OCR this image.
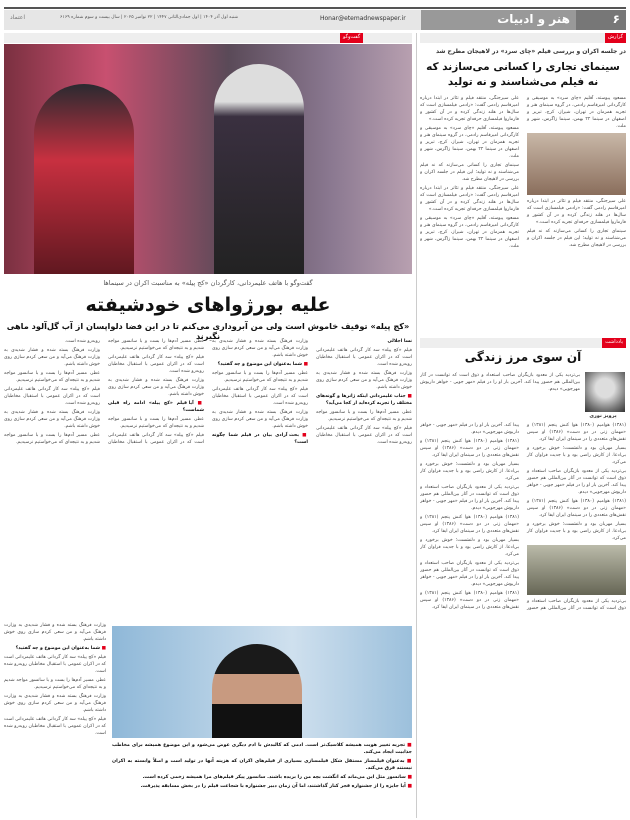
۶
هنر و ادبیات
Honar@etemadnewspaper.ir
شنبه اول آذر ۱۴۰۴ | اول جمادی‌الثانی ۱۴۴۷ | ۲۲ نوامبر ۲۰۲۵ | سال بیست و سوم شماره ۶۱۶۹
اعتماد
گزارش
در جلسه اکران و بررسی فیلم «چای سرد» در لاهیجان مطرح شد
سینمای تجاری را کسانی می‌سازند که نه فیلم می‌شناسند و نه تولید

مسعود پیوسته، آقلیم «چای سرد» به موسیقی و کارگردانی امیرقاسم رادمی، در گروه سینمای هنر و تجربه همزمان در تهران، شیراز، کرج، تبریز و اصفهان در سینما ۲۲ بهمن، سینما زاگرس، شهر و ملت.

علی سیرجنگی، منتقد فیلم و تئاتر در ابتدا درباره امیرقاسم رادمی گفت: «رادمی فیلمسازی است که سال‌ها در هلند زندگی کرده و در آن کشور و فارماروا فیلمسازی حرفه‌ای تجربه کرده است.»

سینمای تجاری را کسانی می‌سازند که نه فیلم می‌شناسند و نه تولید؛ این فیلم در جلسه اکران و بررسی در لاهیجان مطرح شد.

علی سیرجنگی، منتقد فیلم و تئاتر در ابتدا درباره امیرقاسم رادمی گفت: «رادمی فیلمسازی است که سال‌ها در هلند زندگی کرده و در آن کشور و فارماروا فیلمسازی حرفه‌ای تجربه کرده است.»

مسعود پیوسته، آقلیم «چای سرد» به موسیقی و کارگردانی امیرقاسم رادمی، در گروه سینمای هنر و تجربه همزمان در تهران، شیراز، کرج، تبریز و اصفهان در سینما ۲۲ بهمن، سینما زاگرس، شهر و ملت.

سینمای تجاری را کسانی می‌سازند که نه فیلم می‌شناسند و نه تولید؛ این فیلم در جلسه اکران و بررسی در لاهیجان مطرح شد.

علی سیرجنگی، منتقد فیلم و تئاتر در ابتدا درباره امیرقاسم رادمی گفت: «رادمی فیلمسازی است که سال‌ها در هلند زندگی کرده و در آن کشور و فارماروا فیلمسازی حرفه‌ای تجربه کرده است.»

مسعود پیوسته، آقلیم «چای سرد» به موسیقی و کارگردانی امیرقاسم رادمی، در گروه سینمای هنر و تجربه همزمان در تهران، شیراز، کرج، تبریز و اصفهان در سینما ۲۲ بهمن، سینما زاگرس، شهر و ملت.

یادداشت
آن سوی مرز زندگی
پرویز نوری

بی‌تردید یکی از معدود بازیگران صاحب استعداد و ذوق است که توانست در آثار بین‌المللی هم حضور پیدا کند. آخرین بار او را در فیلم «مهر جویی - خواهر داریوش مهرجویی» دیدم.

(۱۳۸۱) هوامیم (۱۳۸۰) هوا کنش پنجم (۱۳۸۱) و «مهمان زنی در دو دست» (۱۳۸۶) او سپس نقش‌های متعددی را در سینمای ایران ایفا کرد.

بسیار مهربان بود و دلنشست؛ خوش برخورد و بی‌ادعا. از کارش راضی بود و با جدیت فراوان کار می‌کرد.

بی‌تردید یکی از معدود بازیگران صاحب استعداد و ذوق است که توانست در آثار بین‌المللی هم حضور پیدا کند. آخرین بار او را در فیلم «مهر جویی - خواهر داریوش مهرجویی» دیدم.

(۱۳۸۱) هوامیم (۱۳۸۰) هوا کنش پنجم (۱۳۸۱) و «مهمان زنی در دو دست» (۱۳۸۶) او سپس نقش‌های متعددی را در سینمای ایران ایفا کرد.

بسیار مهربان بود و دلنشست؛ خوش برخورد و بی‌ادعا. از کارش راضی بود و با جدیت فراوان کار می‌کرد.

بی‌تردید یکی از معدود بازیگران صاحب استعداد و ذوق است که توانست در آثار بین‌المللی هم حضور پیدا کند. آخرین بار او را در فیلم «مهر جویی - خواهر داریوش مهرجویی» دیدم.

(۱۳۸۱) هوامیم (۱۳۸۰) هوا کنش پنجم (۱۳۸۱) و «مهمان زنی در دو دست» (۱۳۸۶) او سپس نقش‌های متعددی را در سینمای ایران ایفا کرد.

بسیار مهربان بود و دلنشست؛ خوش برخورد و بی‌ادعا. از کارش راضی بود و با جدیت فراوان کار می‌کرد.

بی‌تردید یکی از معدود بازیگران صاحب استعداد و ذوق است که توانست در آثار بین‌المللی هم حضور پیدا کند. آخرین بار او را در فیلم «مهر جویی - خواهر داریوش مهرجویی» دیدم.

(۱۳۸۱) هوامیم (۱۳۸۰) هوا کنش پنجم (۱۳۸۱) و «مهمان زنی در دو دست» (۱۳۸۶) او سپس نقش‌های متعددی را در سینمای ایران ایفا کرد.

بسیار مهربان بود و دلنشست؛ خوش برخورد و بی‌ادعا. از کارش راضی بود و با جدیت فراوان کار می‌کرد.

بی‌تردید یکی از معدود بازیگران صاحب استعداد و ذوق است که توانست در آثار بین‌المللی هم حضور پیدا کند. آخرین بار او را در فیلم «مهر جویی - خواهر داریوش مهرجویی» دیدم.

(۱۳۸۱) هوامیم (۱۳۸۰) هوا کنش پنجم (۱۳۸۱) و «مهمان زنی در دو دست» (۱۳۸۶) او سپس نقش‌های متعددی را در سینمای ایران ایفا کرد.

گفت‌وگو
گفت‌وگو با هاتف علیمردانی، کارگردان «کج پیله» به مناسبت اکران در سینماها
علیه بورژواهای خودشیفته
«کج پیله» توقیف خاموش است ولی من آبروداری می‌کنم تا در این فضا دلواپسان از آب گل‌آلود ماهی نگیرند

نسا اجلالی

فیلم «کج پیله» سه کار گردانی هاتف علیمردانی است که در اکران عمومی با استقبال مخاطبان روبه‌رو شده است.

وزارت فرهنگ بسته شده و فشار شدیدی به وزارت فرهنگ می‌آید و من سعی کردم سازی روی خوش داشته باشم.

■ جناب علیمردانی اینکه ژانرها و گونه‌های مختلف را تجربه کرده‌اید از کجا می‌آید؟

عطر، مسیر آدم‌ها را بست و با سانسور مواجه شدیم و به نتیجه‌ای که می‌خواستیم نرسیدیم.

فیلم «کج پیله» سه کار گردانی هاتف علیمردانی است که در اکران عمومی با استقبال مخاطبان روبه‌رو شده است.

وزارت فرهنگ بسته شده و فشار شدیدی به وزارت فرهنگ می‌آید و من سعی کردم سازی روی خوش داشته باشم.

■ شما به‌عنوان این موضوع و چه گفتید؟

عطر، مسیر آدم‌ها را بست و با سانسور مواجه شدیم و به نتیجه‌ای که می‌خواستیم نرسیدیم.

فیلم «کج پیله» سه کار گردانی هاتف علیمردانی است که در اکران عمومی با استقبال مخاطبان روبه‌رو شده است.

وزارت فرهنگ بسته شده و فشار شدیدی به وزارت فرهنگ می‌آید و من سعی کردم سازی روی خوش داشته باشم.

■ بحث آزادی بیان در فیلم شما چگونه است؟

عطر، مسیر آدم‌ها را بست و با سانسور مواجه شدیم و به نتیجه‌ای که می‌خواستیم نرسیدیم.

فیلم «کج پیله» سه کار گردانی هاتف علیمردانی است که در اکران عمومی با استقبال مخاطبان روبه‌رو شده است.

وزارت فرهنگ بسته شده و فشار شدیدی به وزارت فرهنگ می‌آید و من سعی کردم سازی روی خوش داشته باشم.

■ آیا فیلم «کج پیله» ادامه راه قبلی شماست؟

عطر، مسیر آدم‌ها را بست و با سانسور مواجه شدیم و به نتیجه‌ای که می‌خواستیم نرسیدیم.

فیلم «کج پیله» سه کار گردانی هاتف علیمردانی است که در اکران عمومی با استقبال مخاطبان روبه‌رو شده است.

وزارت فرهنگ بسته شده و فشار شدیدی به وزارت فرهنگ می‌آید و من سعی کردم سازی روی خوش داشته باشم.

عطر، مسیر آدم‌ها را بست و با سانسور مواجه شدیم و به نتیجه‌ای که می‌خواستیم نرسیدیم.

فیلم «کج پیله» سه کار گردانی هاتف علیمردانی است که در اکران عمومی با استقبال مخاطبان روبه‌رو شده است.

وزارت فرهنگ بسته شده و فشار شدیدی به وزارت فرهنگ می‌آید و من سعی کردم سازی روی خوش داشته باشم.

عطر، مسیر آدم‌ها را بست و با سانسور مواجه شدیم و به نتیجه‌ای که می‌خواستیم نرسیدیم.

وزارت فرهنگ بسته شده و فشار شدیدی به وزارت فرهنگ می‌آید و من سعی کردم سازی روی خوش داشته باشم.

■ شما به‌عنوان این موضوع و چه گفتید؟

فیلم «کج پیله» سه کار گردانی هاتف علیمردانی است که در اکران عمومی با استقبال مخاطبان روبه‌رو شده است.

عطر، مسیر آدم‌ها را بست و با سانسور مواجه شدیم و به نتیجه‌ای که می‌خواستیم نرسیدیم.

وزارت فرهنگ بسته شده و فشار شدیدی به وزارت فرهنگ می‌آید و من سعی کردم سازی روی خوش داشته باشم.

فیلم «کج پیله» سه کار گردانی هاتف علیمردانی است که در اکران عمومی با استقبال مخاطبان روبه‌رو شده است.

■ تجربه تغییر هویت همیشه کلاسیک‌تر است. آدمی که کالبدش با آدم دیگری عوض می‌شود و این موضوع همیشه برای مخاطب جذابیت ایجاد می‌کند.

■ به‌عنوان فیلمساز مستقل شکل فیلمسازی بسیاری از فیلم‌های اکران که هزینه آنها در تولید است و اصلاً وابسته به اکران نیستند فرق می‌کند.

■ سانسور مثل این می‌ماند که انگشت بچه من را بریده باشند. سانسور پیکر فیلم‌های مرا همیشه زخمی کرده است.

■ آیا جایزه را از جشنواره فجر کنار گذاشتند، اما آن زمان دبیر جشنواره با شجاعت فیلم را در بخش مسابقه پذیرفت.
